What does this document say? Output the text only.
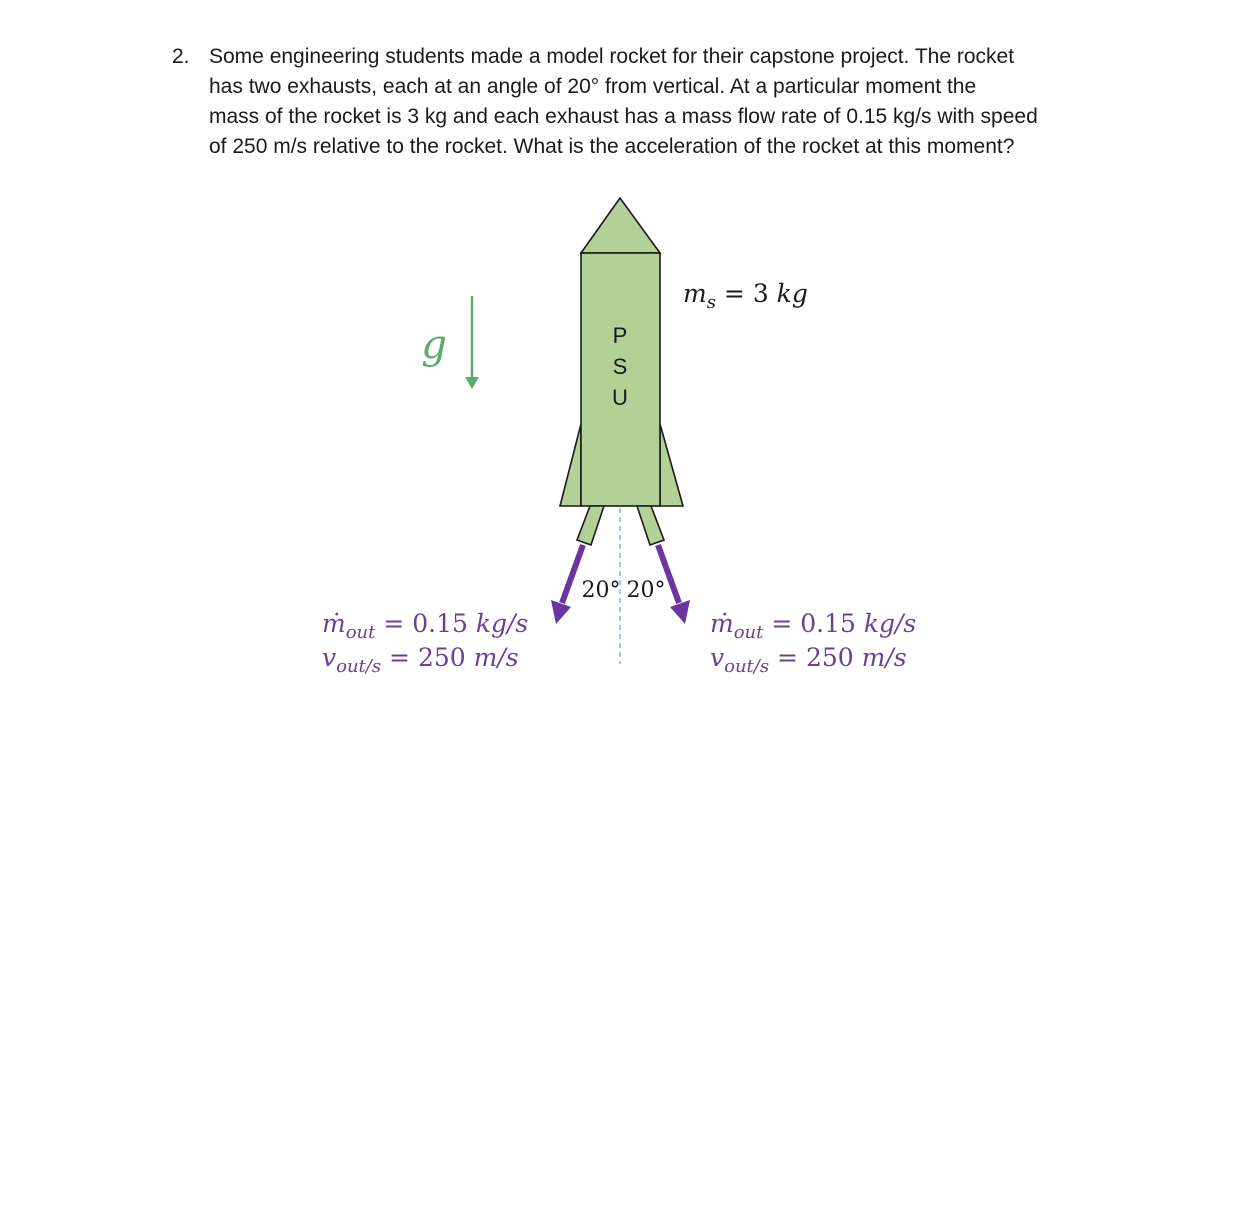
2. Some engineering students made a model rocket for their capstone project. The rocket
has two exhausts, each at an angle of 20° from vertical. At a particular moment the
mass of the rocket is 3 kg and each exhaust has a mass flow rate of 0.15 kg/s with speed
of 250 m/s relative to the rocket. What is the acceleration of the rocket at this moment?
g	P
S
U
20° 20°
$m_s = 3$ kg
ṁ$_{out}$ = 0.15 kg/s
$v_{out/s} = 250$ m/s
ṁ$_{out}$ = 0.15 kg/s
$v_{out/s} = 250$ m/s
